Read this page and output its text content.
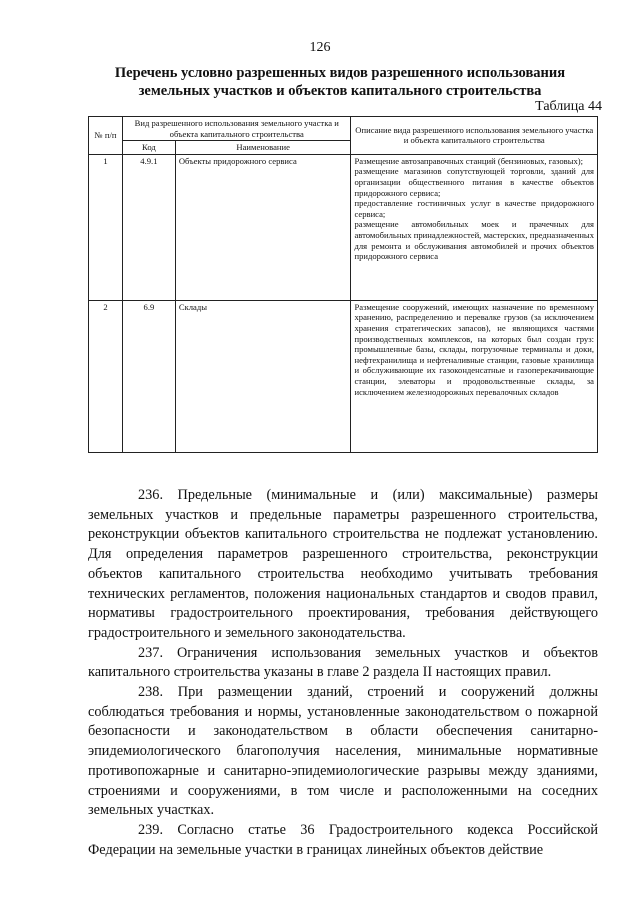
126
Перечень условно разрешенных видов разрешенного использования
земельных участков и объектов капитального строительства
Таблица 44
№ п/п	Вид разрешенного использования земельного участка и объекта капитального строительства		Описание вида разрешенного использования земельного участка и объекта капитального строительства
	Код	Наименование	
1	4.9.1	Объекты придорожного сервиса	Размещение автозаправочных станций (бензиновых, газовых);
размещение магазинов сопутствующей торговли, зданий для организации общественного питания в качестве объектов придорожного сервиса;
предоставление гостиничных услуг в качестве придорожного сервиса;
размещение автомобильных моек и прачечных для автомобильных принадлежностей, мастерских, предназначенных для ремонта и обслуживания автомобилей и прочих объектов придорожного сервиса

2	6.9	Склады	Размещение сооружений, имеющих назначение по временному хранению, распределению и перевалке грузов (за исключением хранения стратегических запасов), не являющихся частями производственных комплексов, на которых был создан груз: промышленные базы, склады, погрузочные терминалы и доки, нефтехранилища и нефтеналивные станции, газовые хранилища и обслуживающие их газоконденсатные и газоперекачивающие станции, элеваторы и продовольственные склады, за исключением железнодорожных перевалочных складов

236. Предельные (минимальные и (или) максимальные) размеры земельных участков и предельные параметры разрешенного строительства, реконструкции объектов капитального строительства не подлежат установлению. Для определения параметров разрешенного строительства, реконструкции объектов капитального строительства необходимо учитывать требования технических регламентов, положения национальных стандартов и сводов правил, нормативы градостроительного проектирования, требования действующего градостроительного и земельного законодательства.

237. Ограничения использования земельных участков и объектов капитального строительства указаны в главе 2 раздела II настоящих правил.

238. При размещении зданий, строений и сооружений должны соблюдаться требования и нормы, установленные законодательством о пожарной безопасности и законодательством в области обеспечения санитарно-эпидемиологического благополучия населения, минимальные нормативные противопожарные и санитарно-эпидемиологические разрывы между зданиями, строениями и сооружениями, в том числе и расположенными на соседних земельных участках.

239. Согласно статье 36 Градостроительного кодекса Российской Федерации на земельные участки в границах линейных объектов действие
